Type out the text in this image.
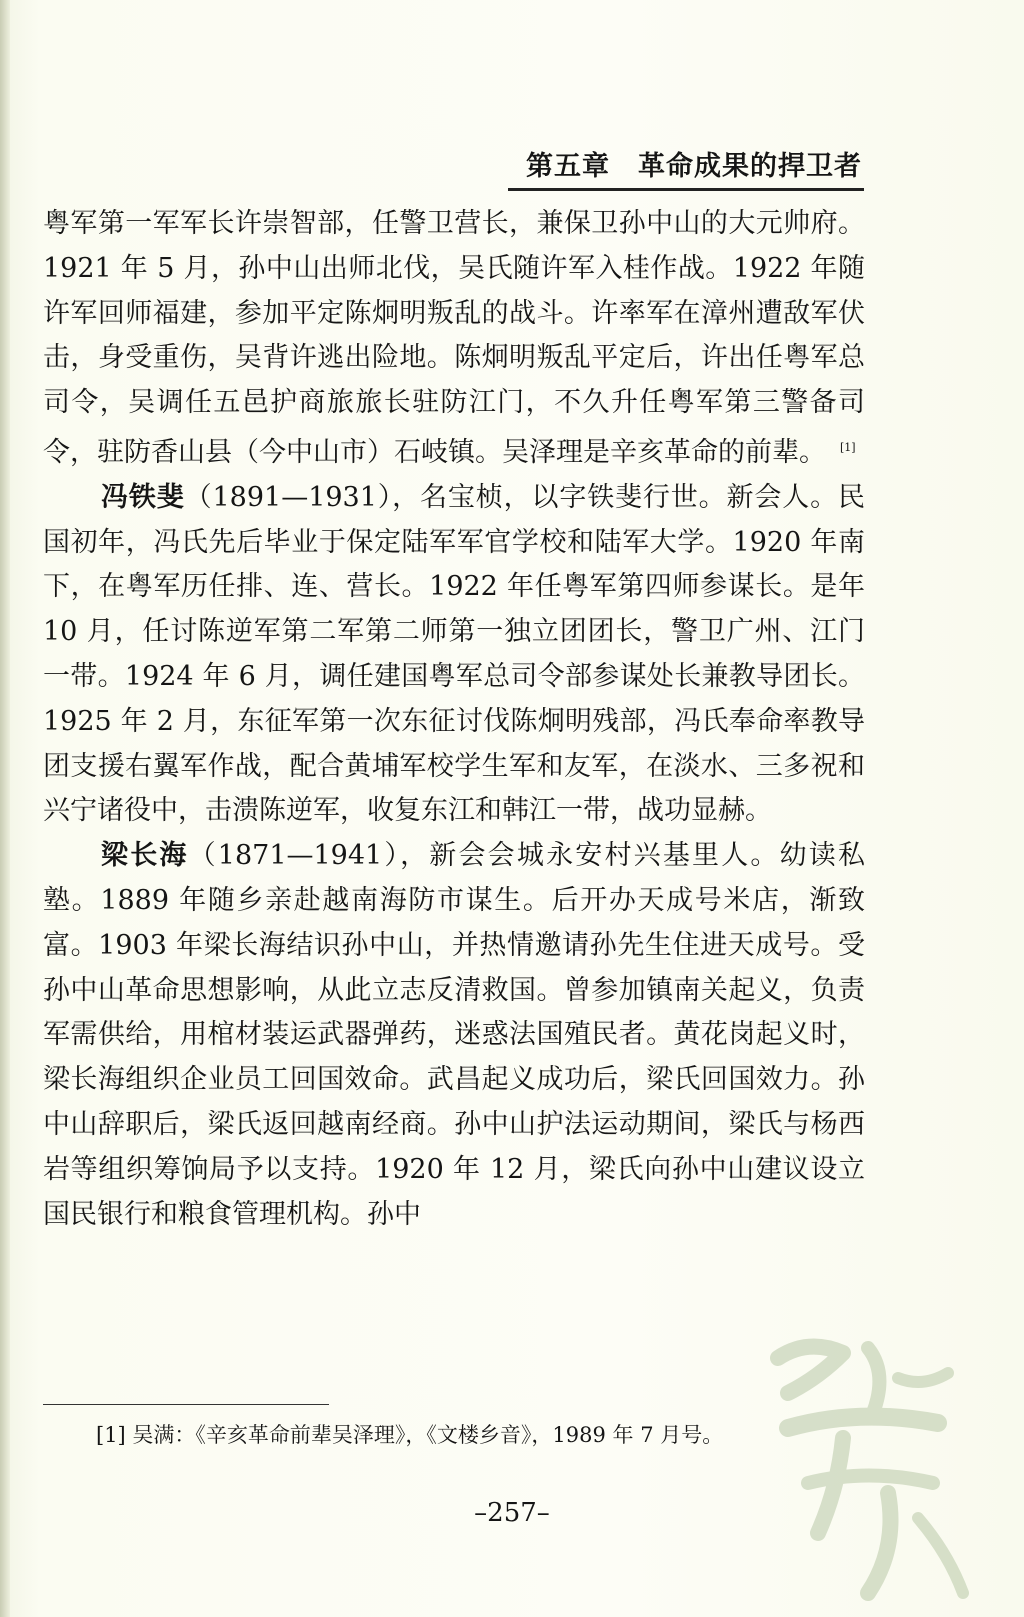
第五章　革命成果的捍卫者

粤军第一军军长许崇智部，任警卫营长，兼保卫孙中山的大元帅府。1921 年 5 月，孙中山出师北伐，吴氏随许军入桂作战。1922 年随许军回师福建，参加平定陈炯明叛乱的战斗。许率军在漳州遭敌军伏击，身受重伤，吴背许逃出险地。陈炯明叛乱平定后，许出任粤军总司令，吴调任五邑护商旅旅长驻防江门，不久升任粤军第三警备司令，驻防香山县（今中山市）石岐镇。吴泽理是辛亥革命的前辈。 [1]

冯铁斐（1891—1931），名宝桢，以字铁斐行世。新会人。民国初年，冯氏先后毕业于保定陆军军官学校和陆军大学。1920 年南下，在粤军历任排、连、营长。1922 年任粤军第四师参谋长。是年 10 月，任讨陈逆军第二军第二师第一独立团团长，警卫广州、江门一带。1924 年 6 月，调任建国粤军总司令部参谋处长兼教导团长。1925 年 2 月，东征军第一次东征讨伐陈炯明残部，冯氏奉命率教导团支援右翼军作战，配合黄埔军校学生军和友军，在淡水、三多祝和兴宁诸役中，击溃陈逆军，收复东江和韩江一带，战功显赫。

梁长海（1871—1941），新会会城永安村兴基里人。幼读私塾。1889 年随乡亲赴越南海防市谋生。后开办天成号米店，渐致富。1903 年梁长海结识孙中山，并热情邀请孙先生住进天成号。受孙中山革命思想影响，从此立志反清救国。曾参加镇南关起义，负责军需供给，用棺材装运武器弹药，迷惑法国殖民者。黄花岗起义时，梁长海组织企业员工回国效命。武昌起义成功后，梁氏回国效力。孙中山辞职后，梁氏返回越南经商。孙中山护法运动期间，梁氏与杨西岩等组织筹饷局予以支持。1920 年 12 月，梁氏向孙中山建议设立国民银行和粮食管理机构。孙中

[1] 吴满：《辛亥革命前辈吴泽理》，《文楼乡音》，1989 年 7 月号。
–257–
